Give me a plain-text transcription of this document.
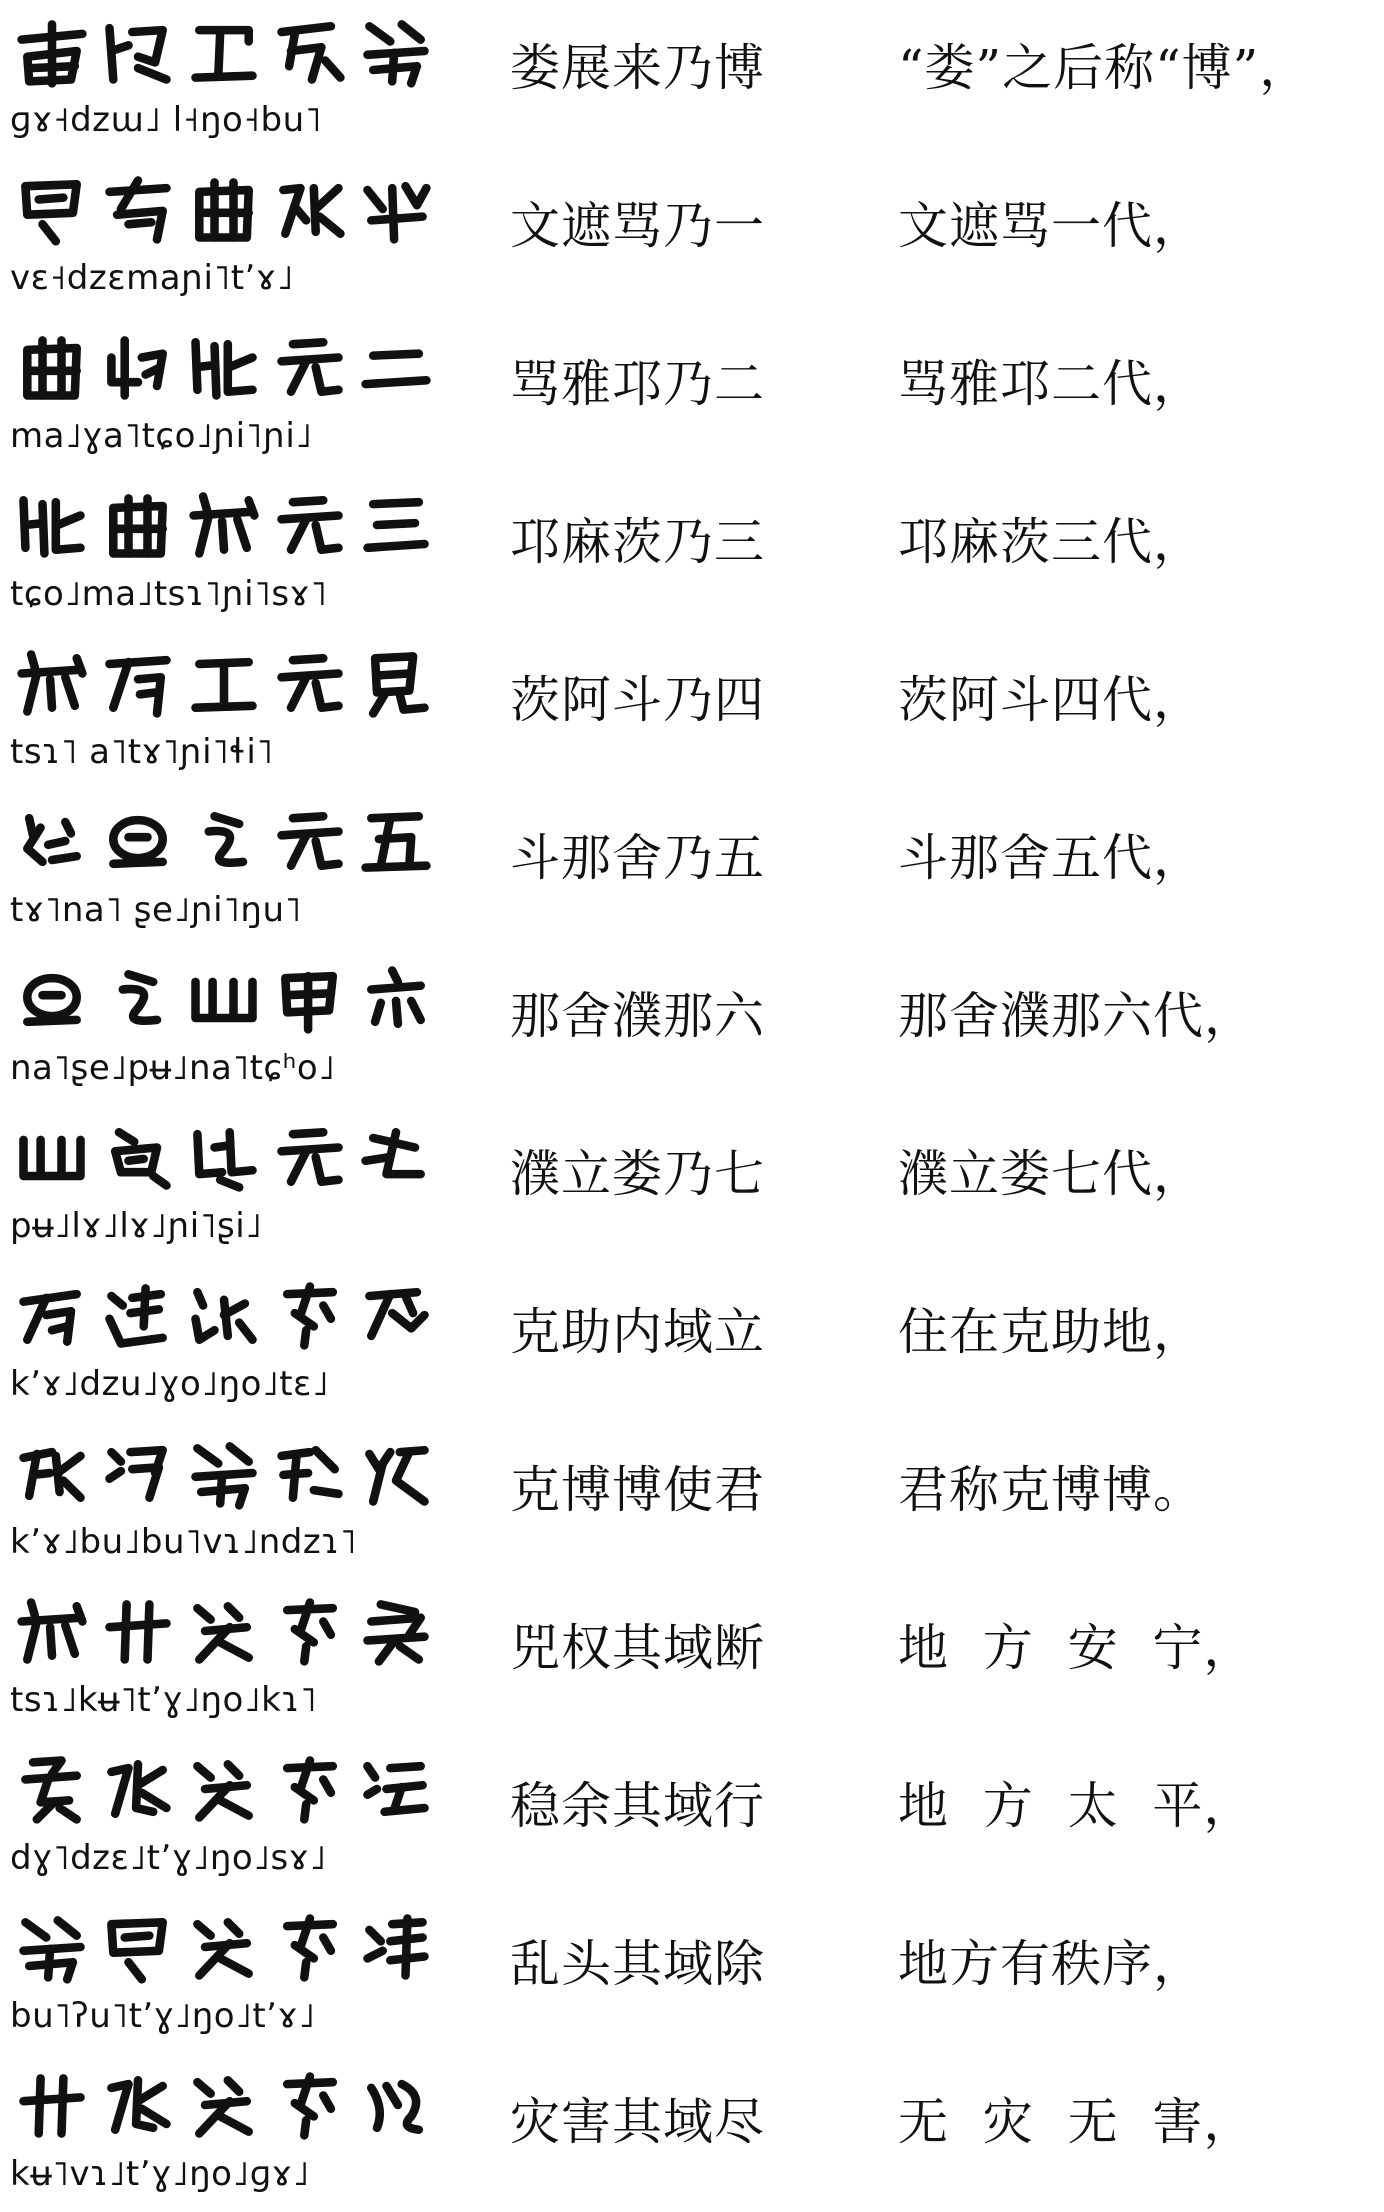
ɡɤ˧dzɯ˩ l˧ŋo˧bu˥
娄展来乃博	“娄”之后称“博”，
vɛ˧dzɛmaɲi˥tʼɤ˩
文遮骂乃一	文遮骂一代，
ma˩ɣa˥tɕo˩ɲi˥ɲi˩
骂雅邛乃二	骂雅邛二代，
tɕo˩ma˩tsɿ˥ɲi˥sɤ˥
邛麻茨乃三	邛麻茨三代，
tsɿ˥ a˥tɤ˥ɲi˥ɬi˥
茨阿斗乃四	茨阿斗四代，
tɤ˥na˥ ʂe˩ɲi˥ŋu˥
斗那舍乃五	斗那舍五代，
na˥ʂe˩pʉ˩na˥tɕʰo˩
那舍濮那六	那舍濮那六代，
pʉ˩lɤ˩lɤ˩ɲi˥ʂi˩
濮立娄乃七	濮立娄七代，
kʼɤ˩dzu˩ɣo˩ŋo˩tɛ˩
克助内域立	住在克助地，
kʼɤ˩bu˩bu˥vɿ˩ndzɿ˥
克博博使君	君称克博博。
tsɿ˩kʉ˥tʼɣ˩ŋo˩kɿ˥
兕权其域断	地  方  安  宁，
dɣ˥dzɛ˩tʼɣ˩ŋo˩sɤ˩
稳余其域行	地  方  太  平，
bu˥ʔu˥tʼɣ˩ŋo˩tʼɤ˩
乱头其域除	地方有秩序，
kʉ˥vɿ˩tʼɣ˩ŋo˩ɡɤ˩
灾害其域尽	无  灾  无  害，
